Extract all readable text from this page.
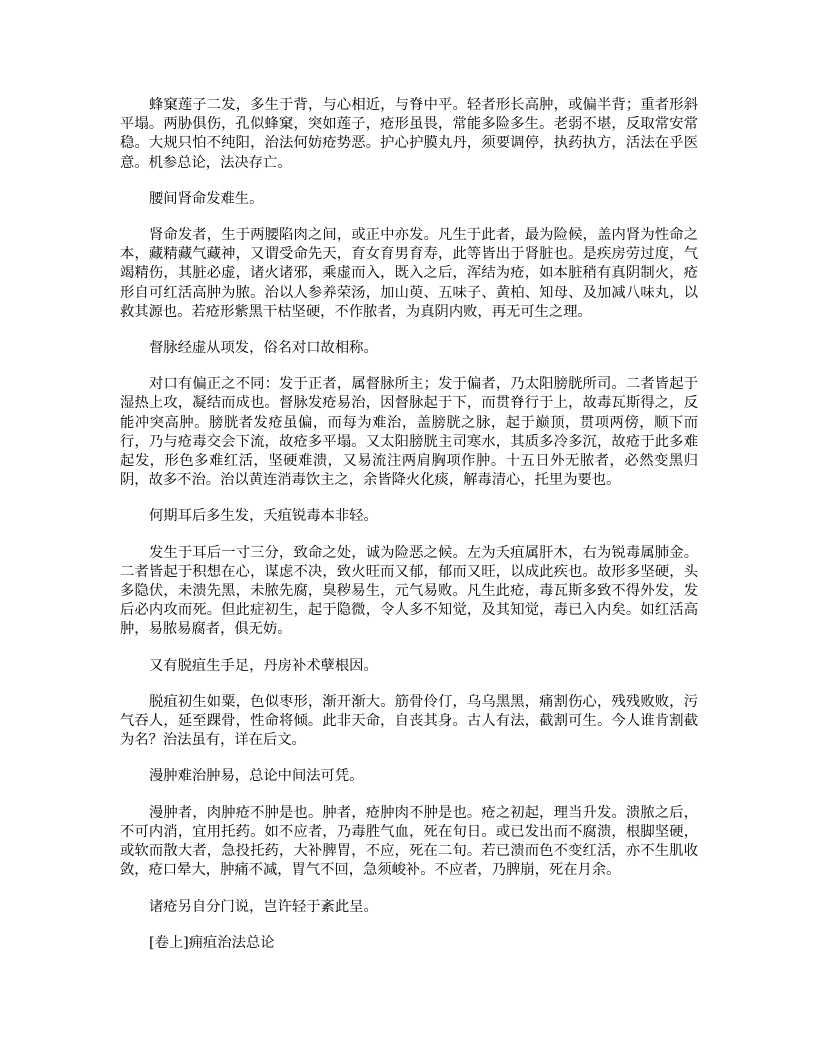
蜂窠莲子二发，多生于背，与心相近，与脊中平。轻者形长高肿，或偏半背；重者形斜平塌。两胁俱伤，孔似蜂窠，突如莲子，疮形虽畏，常能多险多生。老弱不堪，反取常安常稳。大规只怕不纯阳，治法何妨疮势恶。护心护膜丸丹，须要调停，执药执方，活法在乎医意。机参总论，法决存亡。

腰间肾命发难生。

肾命发者，生于两腰陷肉之间，或正中亦发。凡生于此者，最为险候，盖内肾为性命之本，藏精藏气藏神，又谓受命先天，育女育男育寿，此等皆出于肾脏也。是疾房劳过度，气竭精伤，其脏必虚，诸火诸邪，乘虚而入，既入之后，浑结为疮，如本脏稍有真阴制火，疮形自可红活高肿为脓。治以人参养荣汤，加山萸、五味子、黄柏、知母、及加减八味丸，以救其源也。若疮形紫黑干枯坚硬，不作脓者，为真阴内败，再无可生之理。

督脉经虚从项发，俗名对口故相称。

对口有偏正之不同：发于正者，属督脉所主；发于偏者，乃太阳膀胱所司。二者皆起于湿热上攻，凝结而成也。督脉发疮易治，因督脉起于下，而贯脊行于上，故毒瓦斯得之，反能冲突高肿。膀胱者发疮虽偏，而每为难治，盖膀胱之脉，起于巅顶，贯项两傍，顺下而行，乃与疮毒交会下流，故疮多平塌。又太阳膀胱主司寒水，其质多冷多沉，故疮于此多难起发，形色多难红活，坚硬难溃，又易流注两肩胸项作肿。十五日外无脓者，必然变黑归阴，故多不治。治以黄连消毒饮主之，余皆降火化痰，解毒清心，托里为要也。

何期耳后多生发，夭疽锐毒本非轻。

发生于耳后一寸三分，致命之处，诚为险恶之候。左为夭疽属肝木，右为锐毒属肺金。二者皆起于积想在心，谋虑不决，致火旺而又郁，郁而又旺，以成此疾也。故形多坚硬，头多隐伏，未溃先黑，未脓先腐，臭秽易生，元气易败。凡生此疮，毒瓦斯多致不得外发，发后必内攻而死。但此症初生，起于隐微，令人多不知觉，及其知觉，毒已入内矣。如红活高肿，易脓易腐者，俱无妨。

又有脱疽生手足，丹房补术孽根因。

脱疽初生如粟，色似枣形，渐开渐大。筋骨伶仃，乌乌黑黑，痛割伤心，残残败败，污气吞人，延至踝骨，性命将倾。此非天命，自丧其身。古人有法，截割可生。今人谁肯割截为名？治法虽有，详在后文。

漫肿难治肿易，总论中间法可凭。

漫肿者，肉肿疮不肿是也。肿者，疮肿肉不肿是也。疮之初起，理当升发。溃脓之后，不可内消，宜用托药。如不应者，乃毒胜气血，死在旬日。或已发出而不腐溃，根脚坚硬，或软而散大者，急投托药，大补脾胃，不应，死在二旬。若已溃而色不变红活，亦不生肌收敛，疮口晕大，肿痛不减，胃气不回，急须峻补。不应者，乃脾崩，死在月余。

诸疮另自分门说，岂许轻于紊此呈。

[卷上]痈疽治法总论
